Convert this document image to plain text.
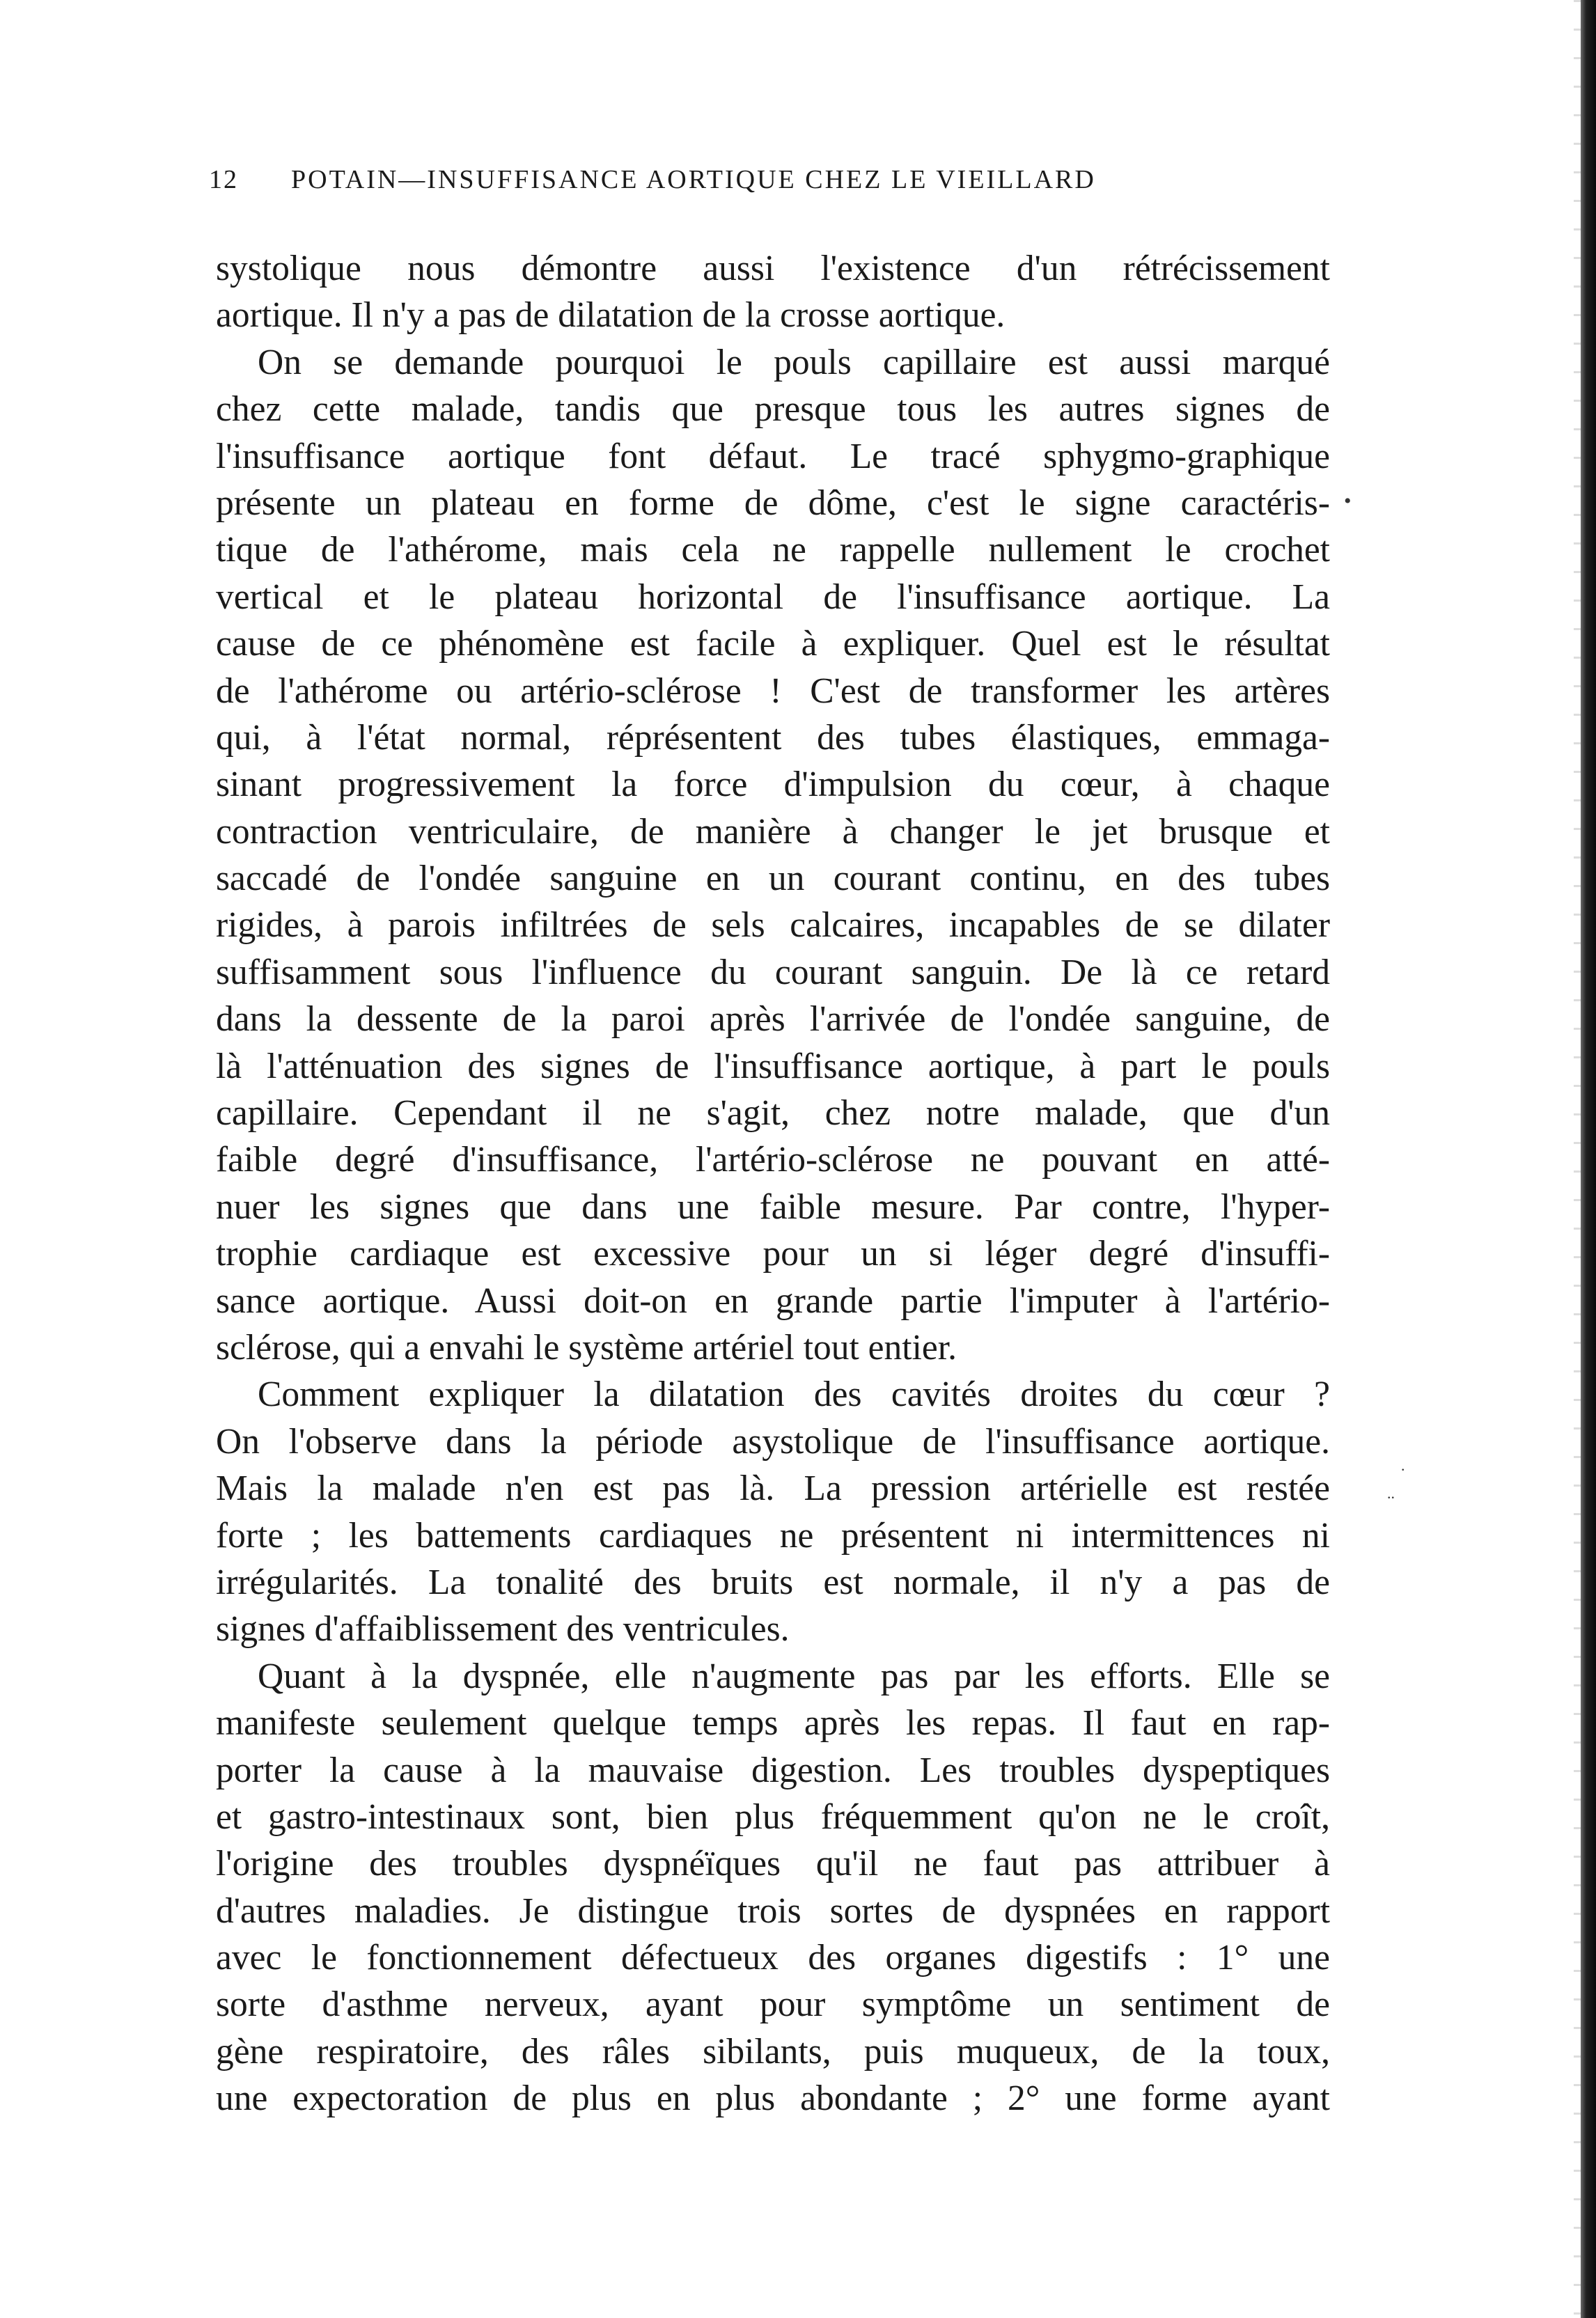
12 POTAIN—INSUFFISANCE AORTIQUE CHEZ LE VIEILLARD
systolique nous démontre aussi l'existence d'un rétrécissement
aortique. Il n'y a pas de dilatation de la crosse aortique.
On se demande pourquoi le pouls capillaire est aussi marqué
chez cette malade, tandis que presque tous les autres signes de
l'insuffisance aortique font défaut. Le tracé sphygmo-graphique
présente un plateau en forme de dôme, c'est le signe caractéris-
tique de l'athérome, mais cela ne rappelle nullement le crochet
vertical et le plateau horizontal de l'insuffisance aortique. La
cause de ce phénomène est facile à expliquer. Quel est le résultat
de l'athérome ou artério-sclérose ! C'est de transformer les artères
qui, à l'état normal, réprésentent des tubes élastiques, emmaga-
sinant progressivement la force d'impulsion du cœur, à chaque
contraction ventriculaire, de manière à changer le jet brusque et
saccadé de l'ondée sanguine en un courant continu, en des tubes
rigides, à parois infiltrées de sels calcaires, incapables de se dilater
suffisamment sous l'influence du courant sanguin. De là ce retard
dans la dessente de la paroi après l'arrivée de l'ondée sanguine, de
là l'atténuation des signes de l'insuffisance aortique, à part le pouls
capillaire. Cependant il ne s'agit, chez notre malade, que d'un
faible degré d'insuffisance, l'artério-sclérose ne pouvant en atté-
nuer les signes que dans une faible mesure. Par contre, l'hyper-
trophie cardiaque est excessive pour un si léger degré d'insuffi-
sance aortique. Aussi doit-on en grande partie l'imputer à l'artério-
sclérose, qui a envahi le système artériel tout entier.
Comment expliquer la dilatation des cavités droites du cœur ?
On l'observe dans la période asystolique de l'insuffisance aortique.
Mais la malade n'en est pas là. La pression artérielle est restée
forte ; les battements cardiaques ne présentent ni intermittences ni
irrégularités. La tonalité des bruits est normale, il n'y a pas de
signes d'affaiblissement des ventricules.
Quant à la dyspnée, elle n'augmente pas par les efforts. Elle se
manifeste seulement quelque temps après les repas. Il faut en rap-
porter la cause à la mauvaise digestion. Les troubles dyspeptiques
et gastro-intestinaux sont, bien plus fréquemment qu'on ne le croît,
l'origine des troubles dyspnéïques qu'il ne faut pas attribuer à
d'autres maladies. Je distingue trois sortes de dyspnées en rapport
avec le fonctionnement défectueux des organes digestifs : 1° une
sorte d'asthme nerveux, ayant pour symptôme un sentiment de
gène respiratoire, des râles sibilants, puis muqueux, de la toux,
une expectoration de plus en plus abondante ; 2° une forme ayant
•
.
..
